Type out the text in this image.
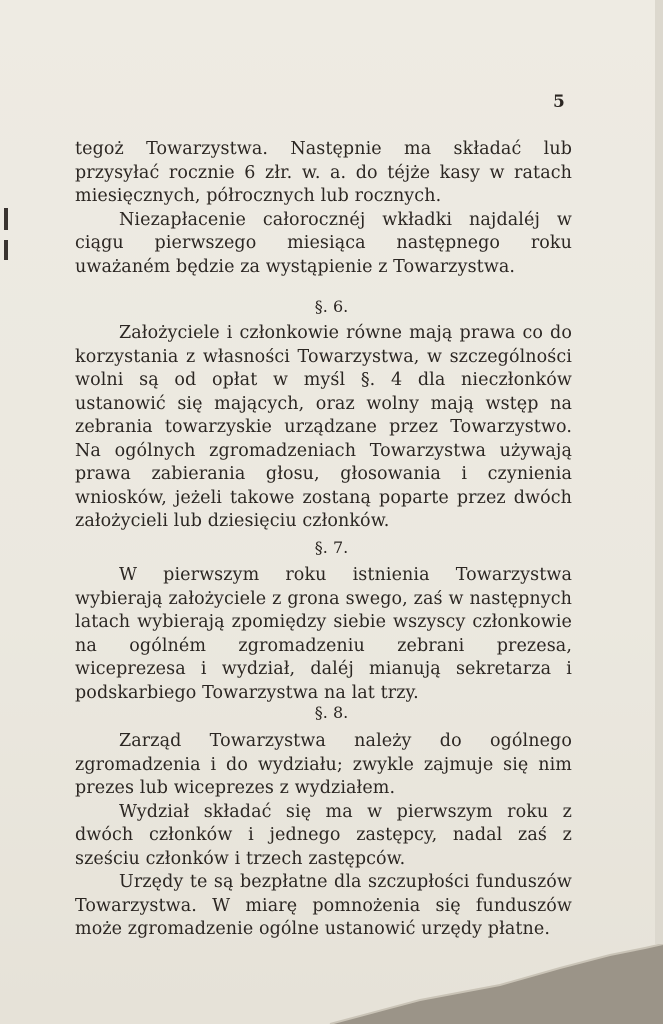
5

tegoż Towarzystwa. Następnie ma składać lub przysyłać rocznie 6 złr. w. a. do téjże kasy w ratach miesięcznych, półrocznych lub rocznych.

Niezapłacenie całorocznéj wkładki najdaléj w ciągu pierwszego miesiąca następnego roku uważaném będzie za wystąpienie z Towarzystwa.

§. 6.

Założyciele i członkowie równe mają prawa co do korzystania z własności Towarzystwa, w szczególności wolni są od opłat w myśl §. 4 dla nieczłonków ustanowić się mających, oraz wolny mają wstęp na zebrania towarzyskie urządzane przez Towarzystwo. Na ogólnych zgromadzeniach Towarzystwa używają prawa zabierania głosu, głosowania i czynienia wniosków, jeżeli takowe zostaną poparte przez dwóch założycieli lub dziesięciu członków.

§. 7.

W pierwszym roku istnienia Towarzystwa wybierają założyciele z grona swego, zaś w następnych latach wybierają zpomiędzy siebie wszyscy członkowie na ogólném zgromadzeniu zebrani prezesa, wiceprezesa i wydział, daléj mianują sekretarza i podskarbiego Towarzystwa na lat trzy.

§. 8.

Zarząd Towarzystwa należy do ogólnego zgromadzenia i do wydziału; zwykle zajmuje się nim prezes lub wiceprezes z wydziałem.

Wydział składać się ma w pierwszym roku z dwóch członków i jednego zastępcy, nadal zaś z sześciu członków i trzech zastępców.

Urzędy te są bezpłatne dla szczupłości funduszów Towarzystwa. W miarę pomnożenia się funduszów może zgromadzenie ogólne ustanowić urzędy płatne.
